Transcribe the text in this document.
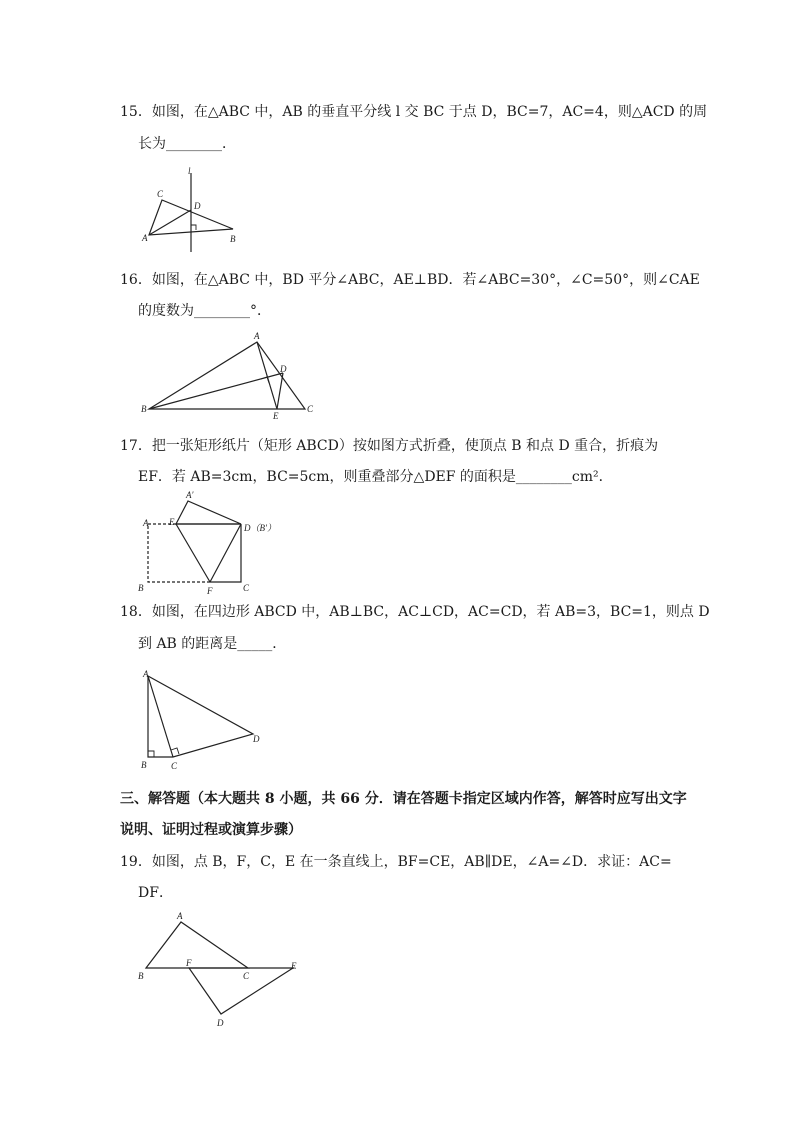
15．如图，在△ABC 中，AB 的垂直平分线 l 交 BC 于点 D，BC=7，AC=4，则△ACD 的周
长为________．
l
C
D
A	B
16．如图，在△ABC 中，BD 平分∠ABC，AE⊥BD．若∠ABC=30°，∠C=50°，则∠CAE
的度数为________°．
A
D
B
E
C
17．把一张矩形纸片（矩形 ABCD）按如图方式折叠，使顶点 B 和点 D 重合，折痕为
EF．若 AB=3cm，BC=5cm，则重叠部分△DEF 的面积是________cm²．
A′
A E
D（B′）
B	F	C
18．如图，在四边形 ABCD 中，AB⊥BC，AC⊥CD，AC=CD，若 AB=3，BC=1，则点 D
到 AB 的距离是_____．
A
D
B	C
三、解答题（本大题共 8 小题，共 66 分．请在答题卡指定区域内作答，解答时应写出文字
说明、证明过程或演算步骤）
19．如图，点 B，F，C，E 在一条直线上，BF=CE，AB∥DE，∠A=∠D．求证：AC=
DF．
A
B
F
C
E
D
